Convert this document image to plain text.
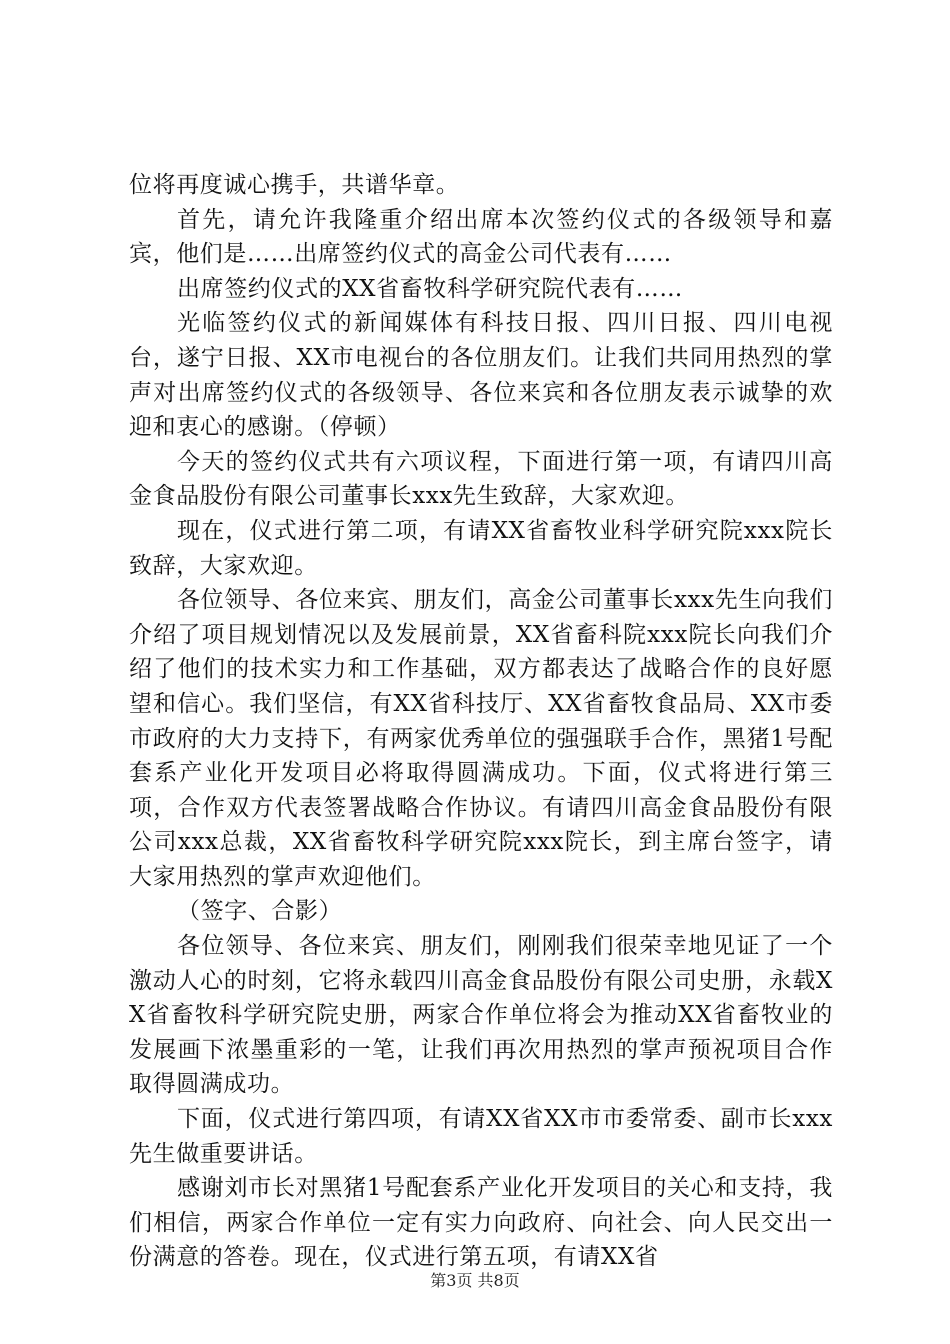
位将再度诚心携手，共谱华章。

首先，请允许我隆重介绍出席本次签约仪式的各级领导和嘉宾，他们是……出席签约仪式的高金公司代表有……

出席签约仪式的XX省畜牧科学研究院代表有……

光临签约仪式的新闻媒体有科技日报、四川日报、四川电视台，遂宁日报、XX市电视台的各位朋友们。让我们共同用热烈的掌声对出席签约仪式的各级领导、各位来宾和各位朋友表示诚挚的欢迎和衷心的感谢。（停顿）

今天的签约仪式共有六项议程，下面进行第一项，有请四川高金食品股份有限公司董事长xxx先生致辞，大家欢迎。

现在，仪式进行第二项，有请XX省畜牧业科学研究院xxx院长致辞，大家欢迎。

各位领导、各位来宾、朋友们，高金公司董事长xxx先生向我们介绍了项目规划情况以及发展前景，XX省畜科院xxx院长向我们介绍了他们的技术实力和工作基础，双方都表达了战略合作的良好愿望和信心。我们坚信，有XX省科技厅、XX省畜牧食品局、XX市委市政府的大力支持下，有两家优秀单位的强强联手合作，黑猪1号配套系产业化开发项目必将取得圆满成功。下面，仪式将进行第三项，合作双方代表签署战略合作协议。有请四川高金食品股份有限公司xxx总裁，XX省畜牧科学研究院xxx院长，到主席台签字，请大家用热烈的掌声欢迎他们。

（签字、合影）

各位领导、各位来宾、朋友们，刚刚我们很荣幸地见证了一个激动人心的时刻，它将永载四川高金食品股份有限公司史册，永载XX省畜牧科学研究院史册，两家合作单位将会为推动XX省畜牧业的发展画下浓墨重彩的一笔，让我们再次用热烈的掌声预祝项目合作取得圆满成功。

下面，仪式进行第四项，有请XX省XX市市委常委、副市长xxx先生做重要讲话。

感谢刘市长对黑猪1号配套系产业化开发项目的关心和支持，我们相信，两家合作单位一定有实力向政府、向社会、向人民交出一份满意的答卷。现在，仪式进行第五项，有请XX省

第3页 共8页
